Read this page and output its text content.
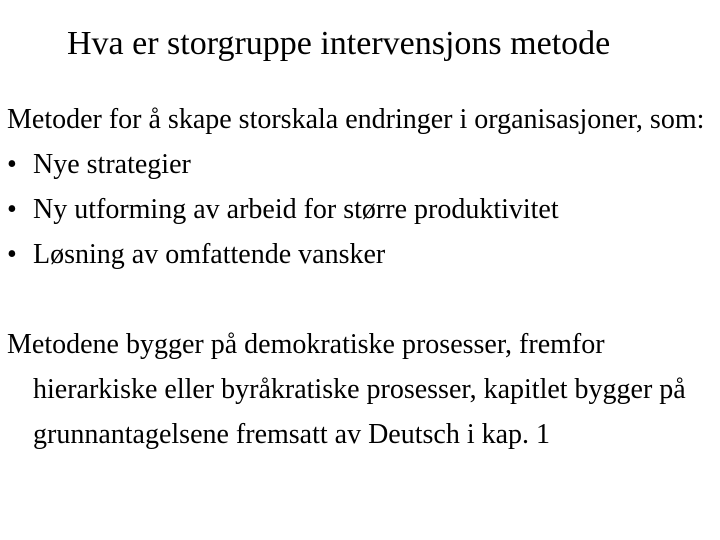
Hva er storgruppe intervensjons metode

Metoder for å skape storskala endringer i organisasjoner, som:

• Nye strategier
• Ny utforming av arbeid for større produktivitet
• Løsning av omfattende vansker

Metodene bygger på demokratiske prosesser, fremfor hierarkiske eller byråkratiske prosesser, kapitlet bygger på grunnantagelsene fremsatt av Deutsch i kap. 1
